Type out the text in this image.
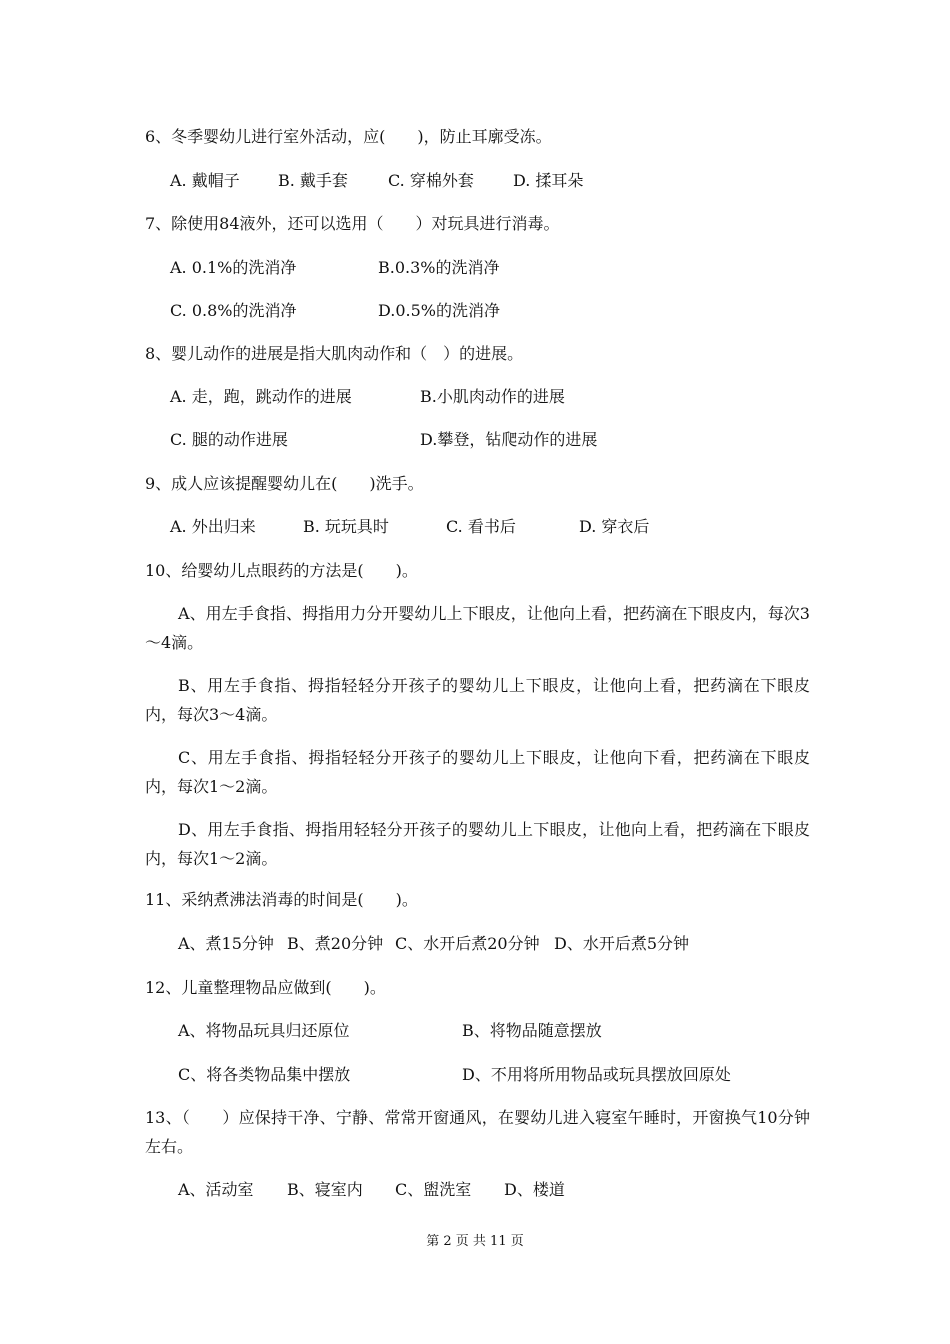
6、冬季婴幼儿进行室外活动，应(　　)，防止耳廓受冻。
A. 戴帽子 B. 戴手套	C. 穿棉外套 D. 揉耳朵
7、除使用84液外，还可以选用（　　）对玩具进行消毒。
A. 0.1%的洗消净	B.0.3%的洗消净
C. 0.8%的洗消净	D.0.5%的洗消净
8、婴儿动作的进展是指大肌肉动作和（　）的进展。
A. 走，跑，跳动作的进展	B.小肌肉动作的进展
C. 腿的动作进展	D.攀登，钻爬动作的进展
9、成人应该提醒婴幼儿在(　　)洗手。
A. 外出归来	B. 玩玩具时	C. 看书后	D. 穿衣后
10、给婴幼儿点眼药的方法是(　　)。
A、用左手食指、拇指用力分开婴幼儿上下眼皮，让他向上看，把药滴在下眼皮内，每次3～4滴。
B、用左手食指、拇指轻轻分开孩子的婴幼儿上下眼皮，让他向上看，把药滴在下眼皮内，每次3～4滴。
C、用左手食指、拇指轻轻分开孩子的婴幼儿上下眼皮，让他向下看，把药滴在下眼皮内，每次1～2滴。
D、用左手食指、拇指用轻轻分开孩子的婴幼儿上下眼皮，让他向上看，把药滴在下眼皮内，每次1～2滴。
11、采纳煮沸法消毒的时间是(　　)。
A、煮15分钟 B、煮20分钟 C、水开后煮20分钟 D、水开后煮5分钟
12、儿童整理物品应做到(　　)。
A、将物品玩具归还原位	B、将物品随意摆放
C、将各类物品集中摆放	D、不用将所用物品或玩具摆放回原处
13、（　　）应保持干净、宁静、常常开窗通风，在婴幼儿进入寝室午睡时，开窗换气10分钟左右。
A、活动室 B、寝室内 C、盥洗室 D、楼道
第 2 页 共 11 页
